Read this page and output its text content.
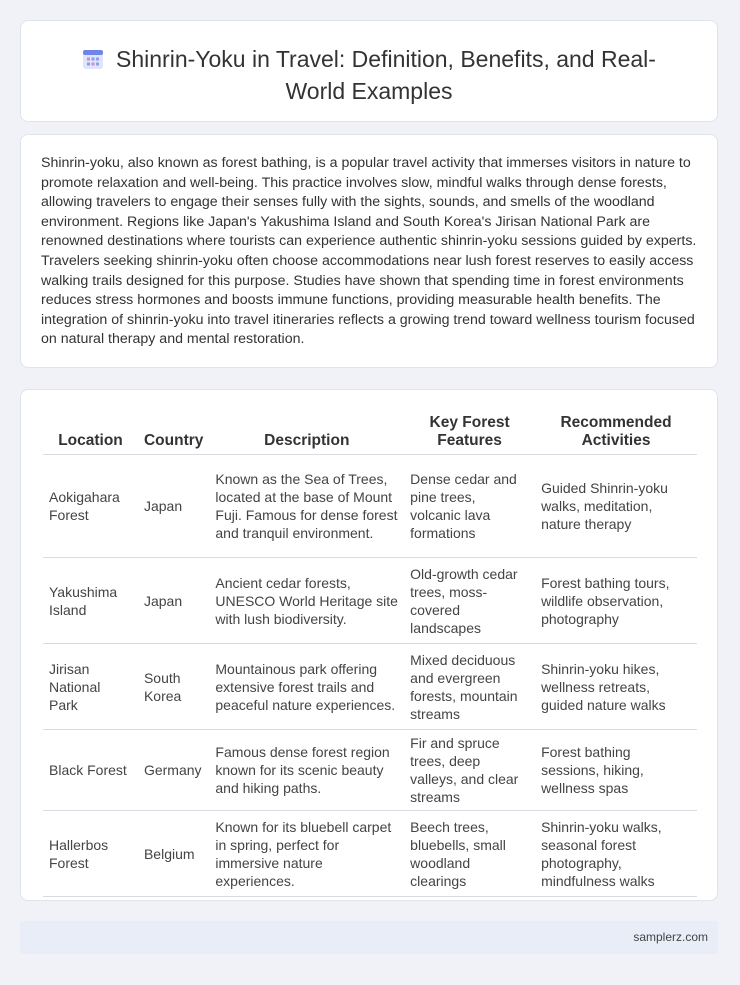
Shinrin-Yoku in Travel: Definition, Benefits, and Real-World Examples
Shinrin-yoku, also known as forest bathing, is a popular travel activity that immerses visitors in nature to promote relaxation and well-being. This practice involves slow, mindful walks through dense forests, allowing travelers to engage their senses fully with the sights, sounds, and smells of the woodland environment. Regions like Japan's Yakushima Island and South Korea's Jirisan National Park are renowned destinations where tourists can experience authentic shinrin-yoku sessions guided by experts. Travelers seeking shinrin-yoku often choose accommodations near lush forest reserves to easily access walking trails designed for this purpose. Studies have shown that spending time in forest environments reduces stress hormones and boosts immune functions, providing measurable health benefits. The integration of shinrin-yoku into travel itineraries reflects a growing trend toward wellness tourism focused on natural therapy and mental restoration.
Location	Country	Description	Key Forest Features	Recommended Activities
Aokigahara Forest	Japan	Known as the Sea of Trees, located at the base of Mount Fuji. Famous for dense forest and tranquil environment.	Dense cedar and pine trees, volcanic lava formations	Guided Shinrin-yoku walks, meditation, nature therapy
Yakushima Island	Japan	Ancient cedar forests, UNESCO World Heritage site with lush biodiversity.	Old-growth cedar trees, moss-covered landscapes	Forest bathing tours, wildlife observation, photography
Jirisan National Park	South Korea	Mountainous park offering extensive forest trails and peaceful nature experiences.	Mixed deciduous and evergreen forests, mountain streams	Shinrin-yoku hikes, wellness retreats, guided nature walks
Black Forest	Germany	Famous dense forest region known for its scenic beauty and hiking paths.	Fir and spruce trees, deep valleys, and clear streams	Forest bathing sessions, hiking, wellness spas
Hallerbos Forest	Belgium	Known for its bluebell carpet in spring, perfect for immersive nature experiences.	Beech trees, bluebells, small woodland clearings	Shinrin-yoku walks, seasonal forest photography, mindfulness walks
samplerz.com
